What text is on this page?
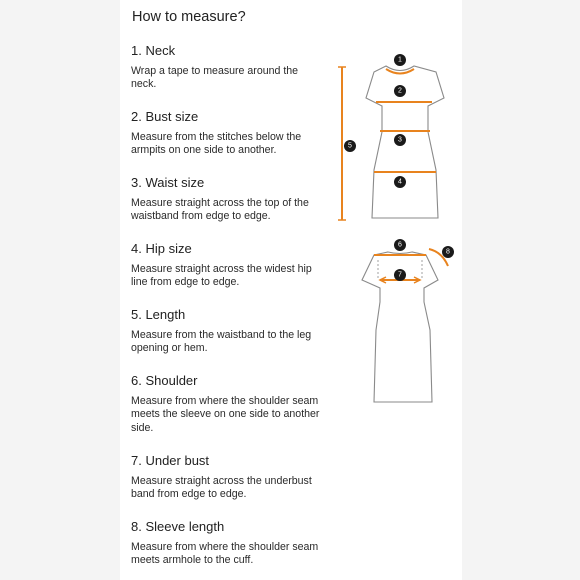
How to measure?
1. Neck

Wrap a tape to measure around the neck.

2. Bust size

Measure from the stitches below the armpits on one side to another.

3. Waist size

Measure straight across the top of the waistband from edge to edge.

4. Hip size

Measure straight across the widest hip line from edge to edge.

5. Length

Measure from the waistband to the leg opening or hem.

6. Shoulder

Measure from where the shoulder seam meets the sleeve on one side to another side.

7. Under bust

Measure straight across the underbust band from edge to edge.

8. Sleeve length

Measure from where the shoulder seam meets armhole to the cuff.

1
2
3
4
5
6
7
8
